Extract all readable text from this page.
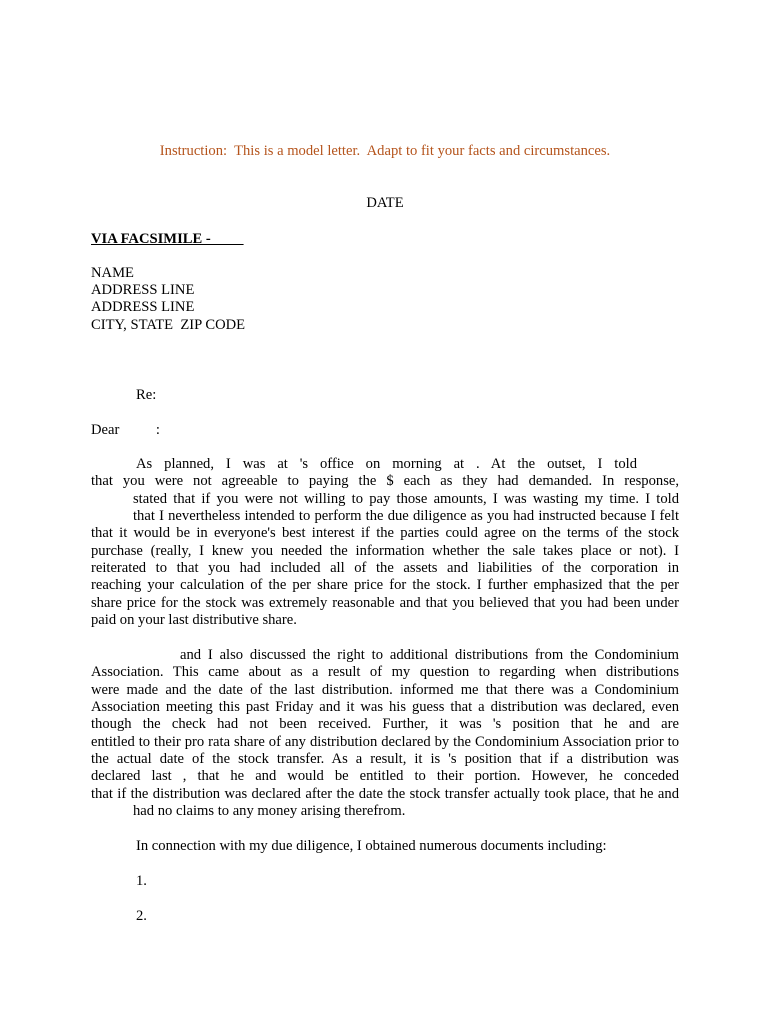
Instruction:  This is a model letter.  Adapt to fit your facts and circumstances.
DATE
VIA FACSIMILE -
NAME
ADDRESS LINE
ADDRESS LINE
CITY, STATE  ZIP CODE
Re:
Dear          :
As planned, I was at 's office on morning at . At the outset, I told
that you were not agreeable to paying the $ each as they had demanded. In response,
stated that if you were not willing to pay those amounts, I was wasting my time. I told
that I nevertheless intended to perform the due diligence as you had instructed because I felt
that it would be in everyone's best interest if the parties could agree on the terms of the stock
purchase (really, I knew you needed the information whether the sale takes place or not). I
reiterated to that you had included all of the assets and liabilities of the corporation in
reaching your calculation of the per share price for the stock. I further emphasized that the per
share price for the stock was extremely reasonable and that you believed that you had been under
paid on your last distributive share.
and I also discussed the right to additional distributions from the Condominium
Association. This came about as a result of my question to regarding when distributions
were made and the date of the last distribution. informed me that there was a Condominium
Association meeting this past Friday and it was his guess that a distribution was declared, even
though the check had not been received. Further, it was 's position that he and are
entitled to their pro rata share of any distribution declared by the Condominium Association prior to
the actual date of the stock transfer. As a result, it is 's position that if a distribution was
declared last , that he and would be entitled to their portion. However, he conceded
that if the distribution was declared after the date the stock transfer actually took place, that he and
had no claims to any money arising therefrom.
In connection with my due diligence, I obtained numerous documents including:
1.
2.
